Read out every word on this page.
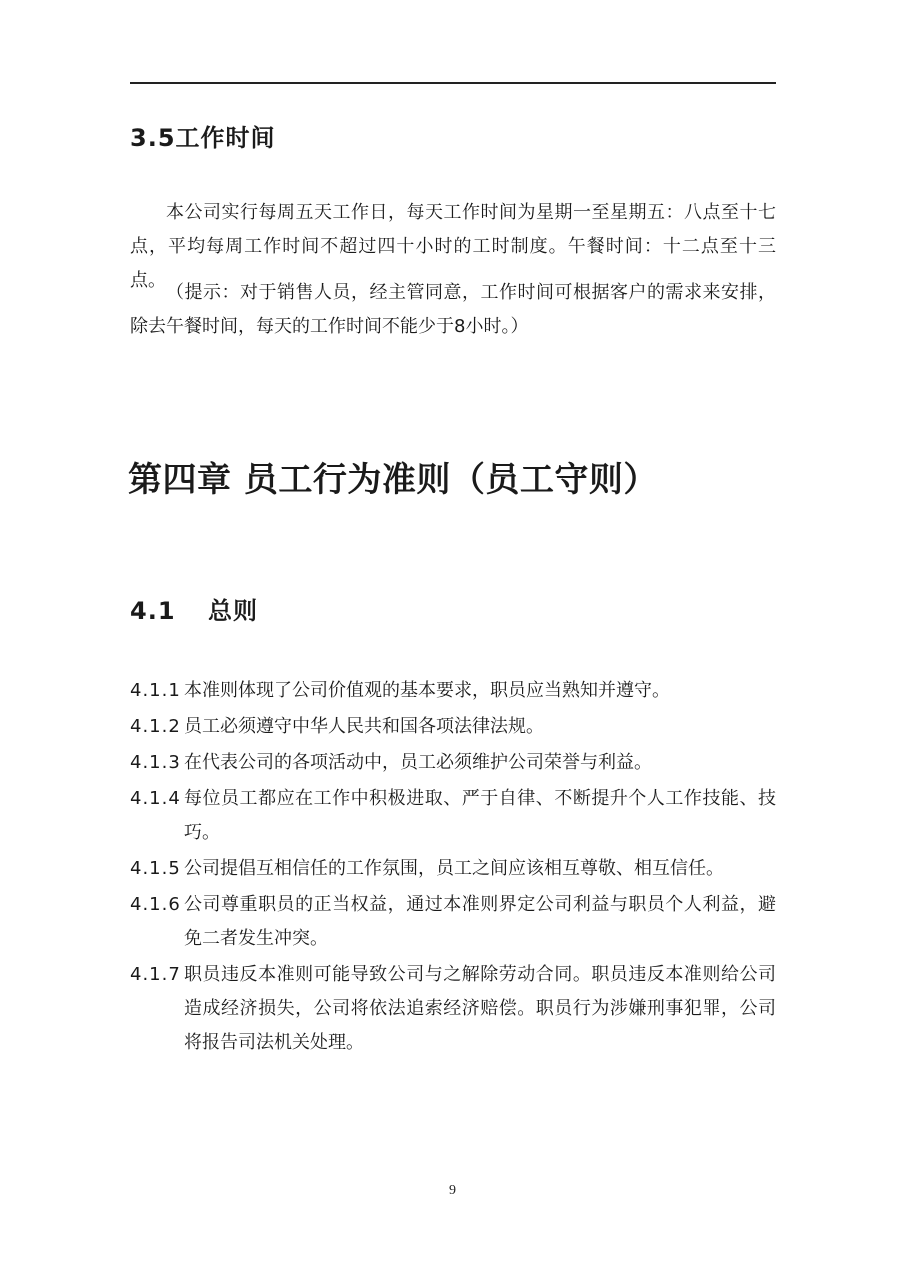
3.5工作时间

本公司实行每周五天工作日，每天工作时间为星期一至星期五：八点至十七点，平均每周工作时间不超过四十小时的工时制度。午餐时间：十二点至十三点。

（提示：对于销售人员，经主管同意，工作时间可根据客户的需求来安排，除去午餐时间，每天的工作时间不能少于8小时。）

第四章 员工行为准则（员工守则）
4.1 总则
4.1.1 本准则体现了公司价值观的基本要求，职员应当熟知并遵守。
4.1.2 员工必须遵守中华人民共和国各项法律法规。
4.1.3 在代表公司的各项活动中，员工必须维护公司荣誉与利益。
4.1.4 每位员工都应在工作中积极进取、严于自律、不断提升个人工作技能、技巧。
4.1.5 公司提倡互相信任的工作氛围，员工之间应该相互尊敬、相互信任。
4.1.6 公司尊重职员的正当权益，通过本准则界定公司利益与职员个人利益，避免二者发生冲突。
4.1.7 职员违反本准则可能导致公司与之解除劳动合同。职员违反本准则给公司造成经济损失，公司将依法追索经济赔偿。职员行为涉嫌刑事犯罪，公司将报告司法机关处理。
9
